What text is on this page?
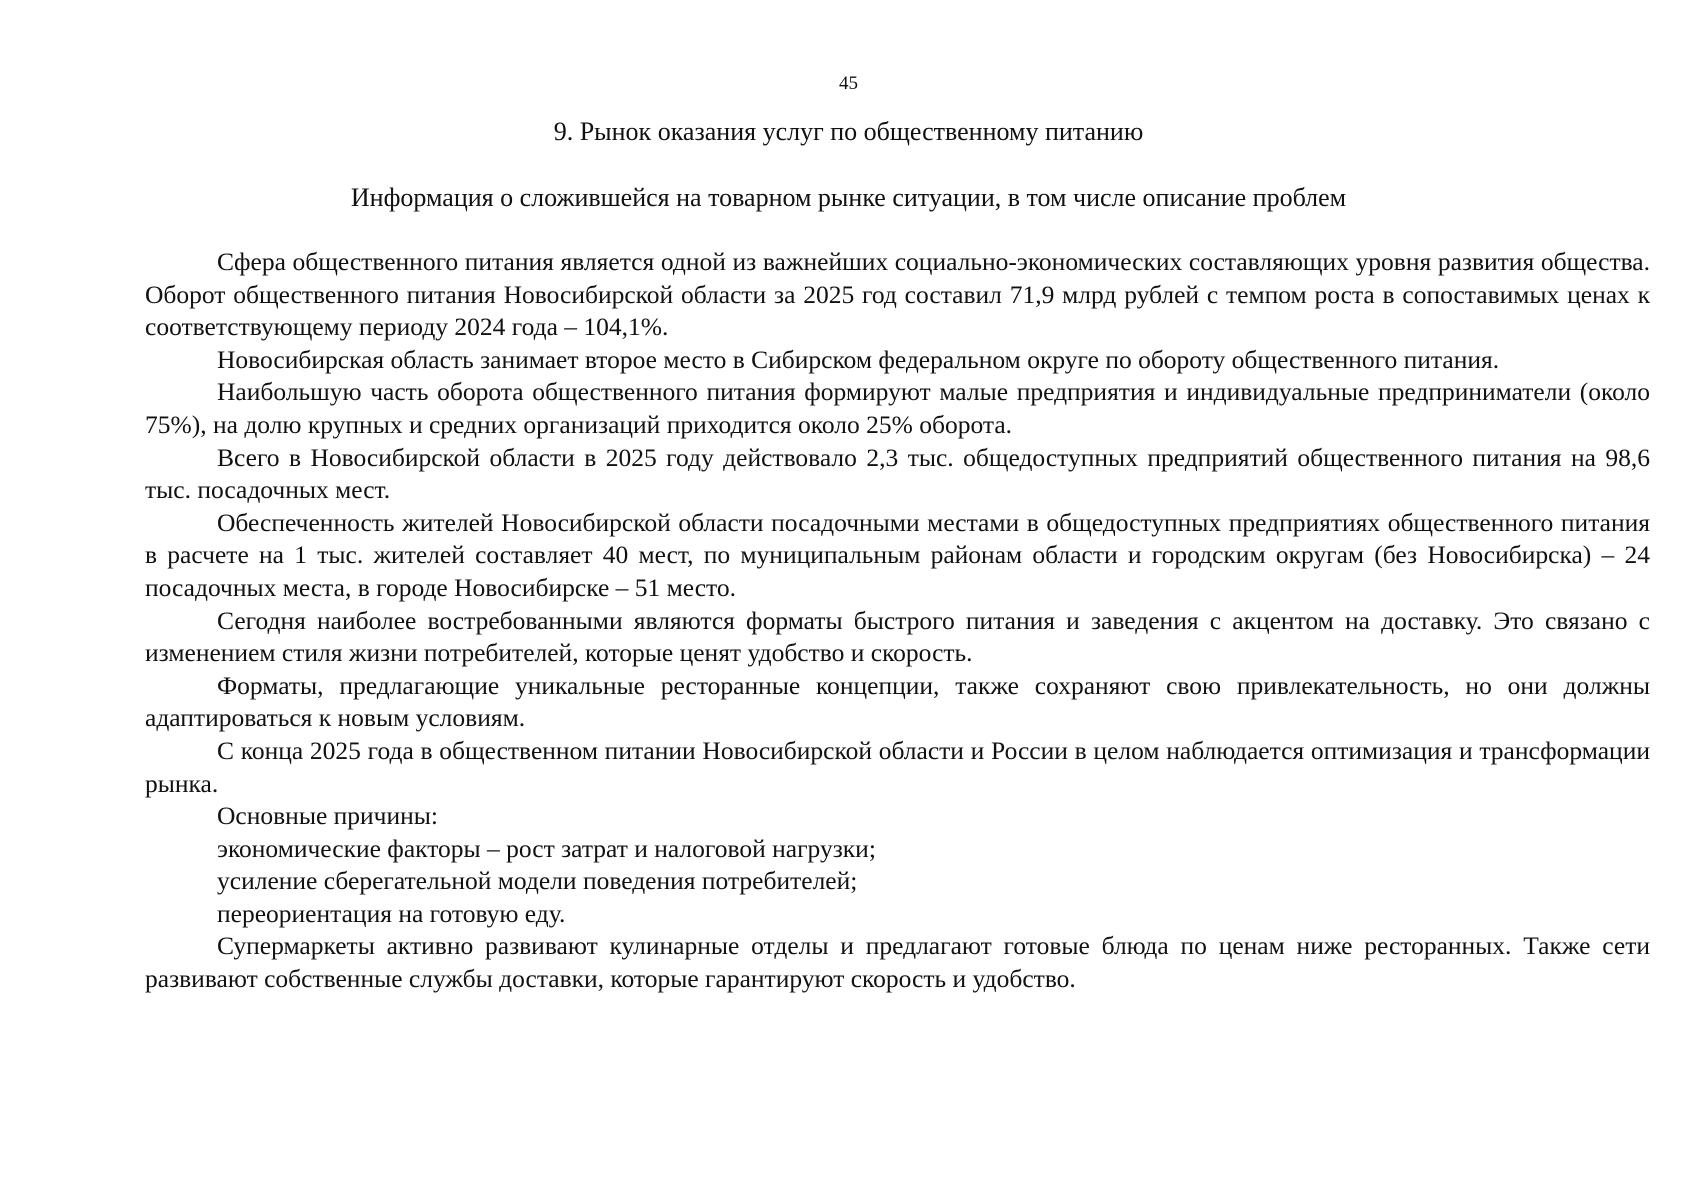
45
9. Рынок оказания услуг по общественному питанию
Информация о сложившейся на товарном рынке ситуации, в том числе описание проблем

Сфера общественного питания является одной из важнейших социально-экономических составляющих уровня развития общества. Оборот общественного питания Новосибирской области за 2025 год составил 71,9 млрд рублей с темпом роста в сопоставимых ценах к соответствующему периоду 2024 года – 104,1%.

Новосибирская область занимает второе место в Сибирском федеральном округе по обороту общественного питания.

Наибольшую часть оборота общественного питания формируют малые предприятия и индивидуальные предприниматели (около 75%), на долю крупных и средних организаций приходится около 25% оборота.

Всего в Новосибирской области в 2025 году действовало 2,3 тыс. общедоступных предприятий общественного питания на 98,6 тыс. посадочных мест.

Обеспеченность жителей Новосибирской области посадочными местами в общедоступных предприятиях общественного питания в расчете на 1 тыс. жителей составляет 40 мест, по муниципальным районам области и городским округам (без Новосибирска) – 24 посадочных места, в городе Новосибирске – 51 место.

Сегодня наиболее востребованными являются форматы быстрого питания и заведения с акцентом на доставку. Это связано с изменением стиля жизни потребителей, которые ценят удобство и скорость.

Форматы, предлагающие уникальные ресторанные концепции, также сохраняют свою привлекательность, но они должны адаптироваться к новым условиям.

С конца 2025 года в общественном питании Новосибирской области и России в целом наблюдается оптимизация и трансформации рынка.

Основные причины:

экономические факторы – рост затрат и налоговой нагрузки;

усиление сберегательной модели поведения потребителей;

переориентация на готовую еду.

Супермаркеты активно развивают кулинарные отделы и предлагают готовые блюда по ценам ниже ресторанных. Также сети развивают собственные службы доставки, которые гарантируют скорость и удобство.
